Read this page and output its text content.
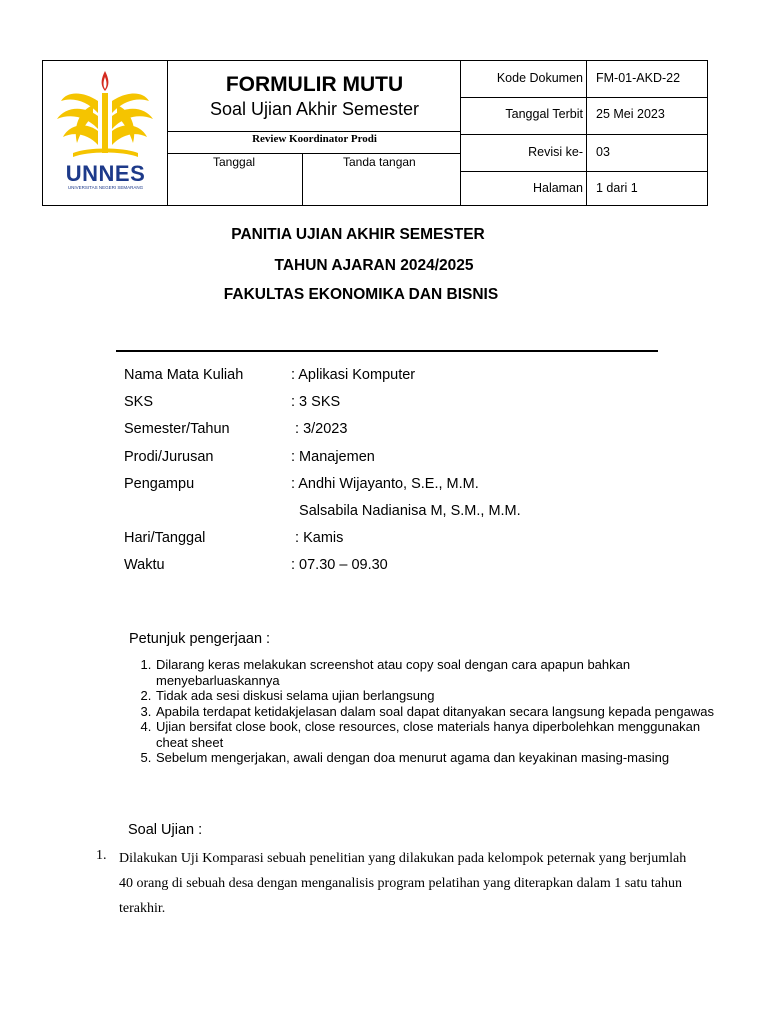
UNNES
UNIVERSITAS NEGERI SEMARANG
FORMULIR MUTU
Soal Ujian Akhir Semester
Review Koordinator Prodi
Tanggal	Tanda tangan
Kode Dokumen FM-01-AKD-22
Tanggal Terbit 25 Mei 2023
Revisi ke- 03
Halaman 1 dari 1
PANITIA UJIAN AKHIR SEMESTER
TAHUN AJARAN 2024/2025
FAKULTAS EKONOMIKA DAN BISNIS
Nama Mata Kuliah	: Aplikasi Komputer
SKS	: 3 SKS
Semester/Tahun	: 3/2023
Prodi/Jurusan	: Manajemen
Pengampu	: Andhi Wijayanto, S.E., M.M.
Salsabila Nadianisa M, S.M., M.M.
Hari/Tanggal	: Kamis
Waktu	: 07.30 – 09.30
Petunjuk pengerjaan :
1. Dilarang keras melakukan screenshot atau copy soal dengan cara apapun bahkan menyebarluaskannya
2. Tidak ada sesi diskusi selama ujian berlangsung
3. Apabila terdapat ketidakjelasan dalam soal dapat ditanyakan secara langsung kepada pengawas
4. Ujian bersifat close book, close resources, close materials hanya diperbolehkan menggunakan cheat sheet
5. Sebelum mengerjakan, awali dengan doa menurut agama dan keyakinan masing-masing
Soal Ujian :
1. Dilakukan Uji Komparasi sebuah penelitian yang dilakukan pada kelompok peternak yang berjumlah 40 orang di sebuah desa dengan menganalisis program pelatihan yang diterapkan dalam 1 satu tahun terakhir.
